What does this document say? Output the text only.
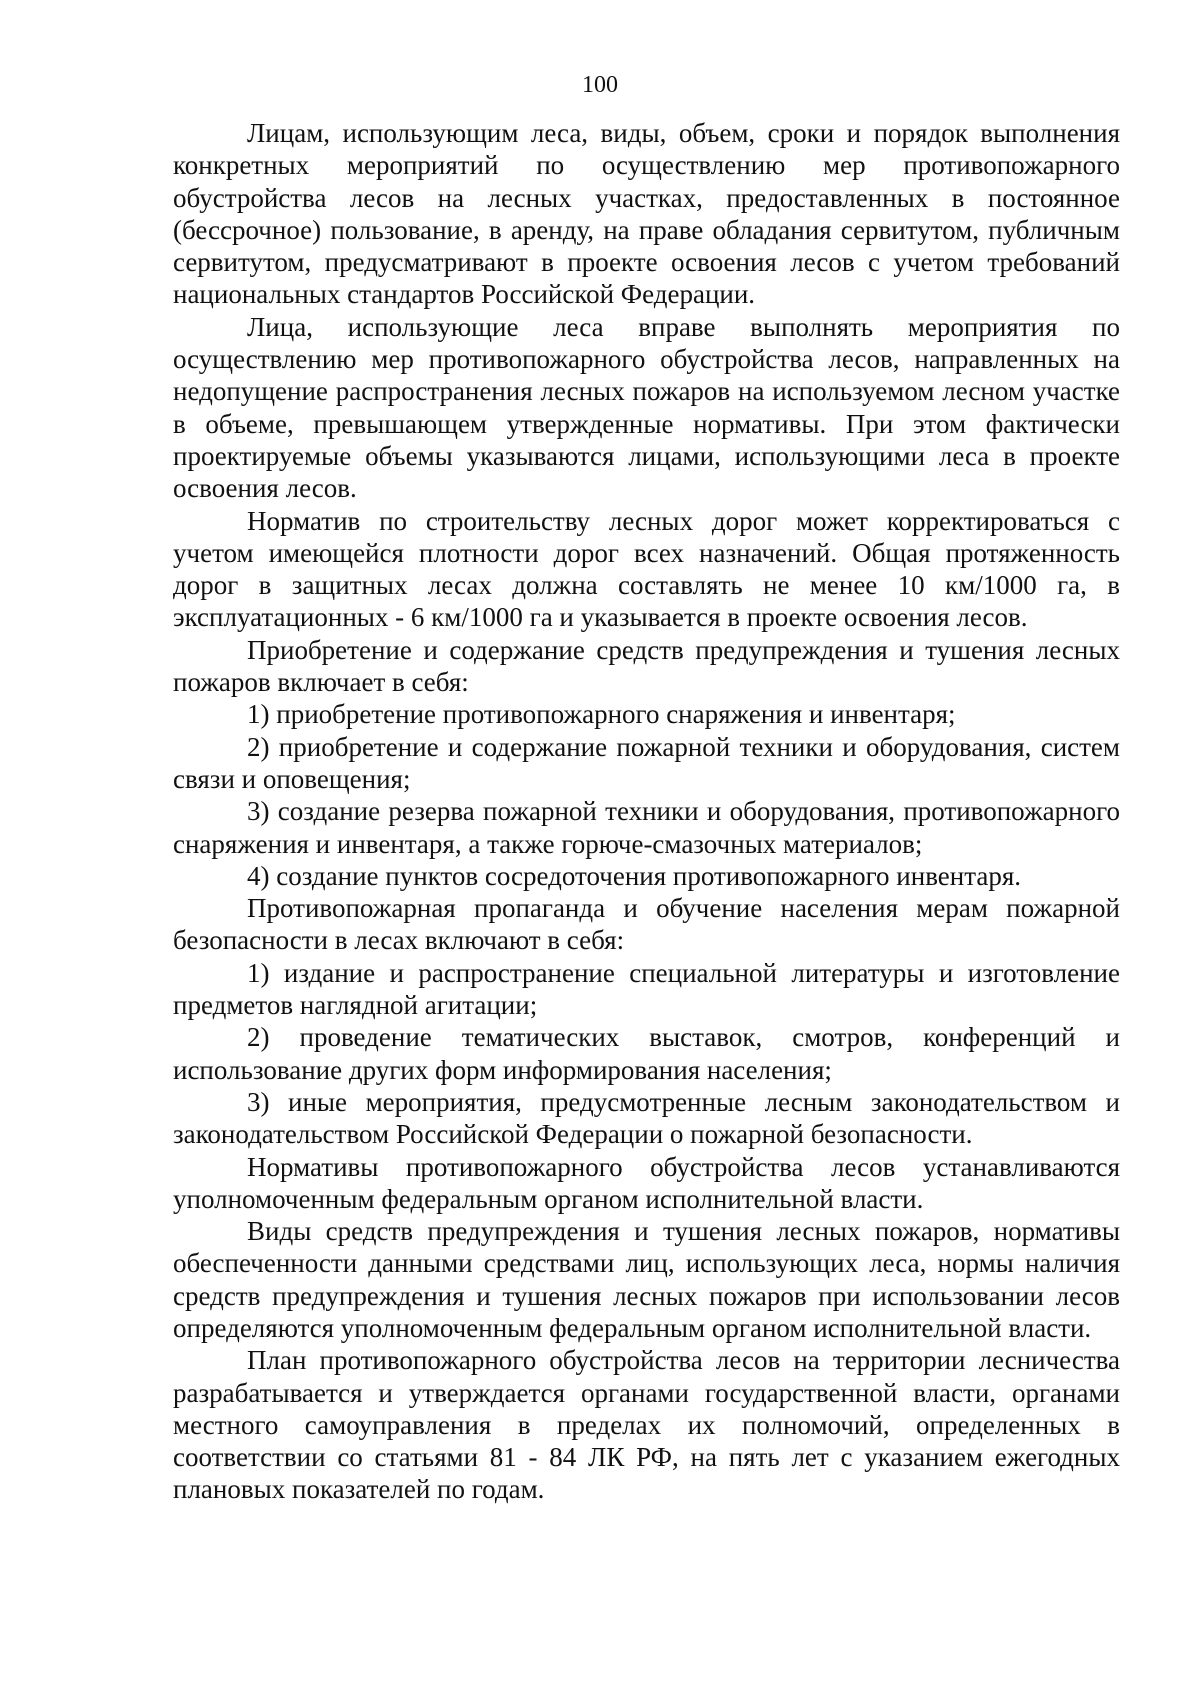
100

Лицам, использующим леса, виды, объем, сроки и порядок выполнения конкретных мероприятий по осуществлению мер противопожарного обустройства лесов на лесных участках, предоставленных в постоянное (бессрочное) пользование, в аренду, на праве обладания сервитутом, публичным сервитутом, предусматривают в проекте освоения лесов с учетом требований национальных стандартов Российской Федерации.

Лица, использующие леса вправе выполнять мероприятия по осуществлению мер противопожарного обустройства лесов, направленных на недопущение распространения лесных пожаров на используемом лесном участке в объеме, превышающем утвержденные нормативы. При этом фактически проектируемые объемы указываются лицами, использующими леса в проекте освоения лесов.

Норматив по строительству лесных дорог может корректироваться с учетом имеющейся плотности дорог всех назначений. Общая протяженность дорог в защитных лесах должна составлять не менее 10 км/1000 га, в эксплуатационных - 6 км/1000 га и указывается в проекте освоения лесов.

Приобретение и содержание средств предупреждения и тушения лесных пожаров включает в себя:

1) приобретение противопожарного снаряжения и инвентаря;

2) приобретение и содержание пожарной техники и оборудования, систем связи и оповещения;

3) создание резерва пожарной техники и оборудования, противопожарного снаряжения и инвентаря, а также горюче-смазочных материалов;

4) создание пунктов сосредоточения противопожарного инвентаря.

Противопожарная пропаганда и обучение населения мерам пожарной безопасности в лесах включают в себя:

1) издание и распространение специальной литературы и изготовление предметов наглядной агитации;

2) проведение тематических выставок, смотров, конференций и использование других форм информирования населения;

3) иные мероприятия, предусмотренные лесным законодательством и законодательством Российской Федерации о пожарной безопасности.

Нормативы противопожарного обустройства лесов устанавливаются уполномоченным федеральным органом исполнительной власти.

Виды средств предупреждения и тушения лесных пожаров, нормативы обеспеченности данными средствами лиц, использующих леса, нормы наличия средств предупреждения и тушения лесных пожаров при использовании лесов определяются уполномоченным федеральным органом исполнительной власти.

План противопожарного обустройства лесов на территории лесничества разрабатывается и утверждается органами государственной власти, органами местного самоуправления в пределах их полномочий, определенных в соответствии со статьями 81 - 84 ЛК РФ, на пять лет с указанием ежегодных плановых показателей по годам.
